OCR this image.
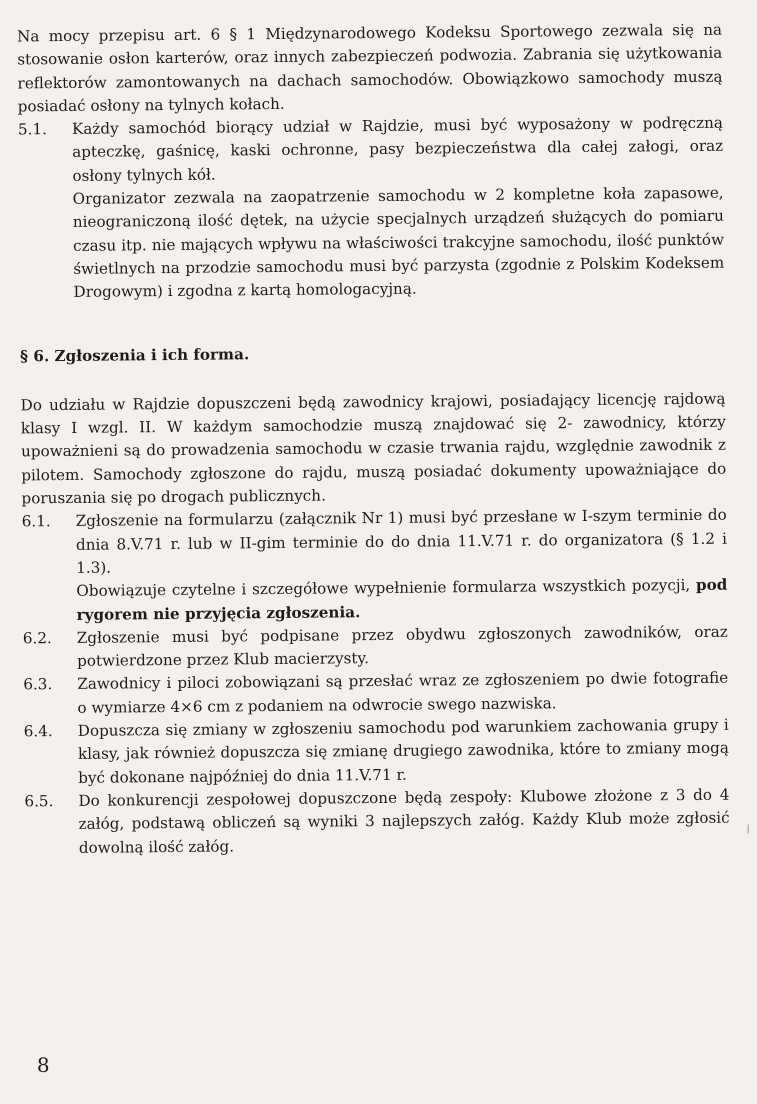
Na mocy przepisu art. 6 § 1 Międzynarodowego Kodeksu Sportowego zezwala się na stosowanie osłon karterów, oraz innych zabezpieczeń podwozia. Zabrania się użytkowania reflektorów zamontowanych na dachach samochodów. Obowiązkowo samochody muszą posiadać osłony na tylnych kołach.

5.1.	Każdy samochód biorący udział w Rajdzie, musi być wyposażony w podręczną apteczkę, gaśnicę, kaski ochronne, pasy bezpieczeństwa dla całej załogi, oraz osłony tylnych kół.

Organizator zezwala na zaopatrzenie samochodu w 2 kompletne koła zapasowe, nieograniczoną ilość dętek, na użycie specjalnych urządzeń służących do pomiaru czasu itp. nie mających wpływu na właściwości trakcyjne samochodu, ilość punktów świetlnych na przodzie samochodu musi być parzysta (zgodnie z Polskim Kodeksem Drogowym) i zgodna z kartą homologacyjną.

§ 6. Zgłoszenia i ich forma.

Do udziału w Rajdzie dopuszczeni będą zawodnicy krajowi, posiadający licencję rajdową klasy I wzgl. II. W każdym samochodzie muszą znajdować się 2- zawodnicy, którzy upoważnieni są do prowadzenia samochodu w czasie trwania rajdu, względnie zawodnik z pilotem. Samochody zgłoszone do rajdu, muszą posiadać dokumenty upoważniające do poruszania się po drogach publicznych.

6.1.	Zgłoszenie na formularzu (załącznik Nr 1) musi być przesłane w I-szym terminie do dnia 8.V.71 r. lub w II-gim terminie do do dnia 11.V.71 r. do organizatora (§ 1.2 i 1.3).

Obowiązuje czytelne i szczegółowe wypełnienie formularza wszystkich pozycji, pod rygorem nie przyjęcia zgłoszenia.

6.2.	Zgłoszenie musi być podpisane przez obydwu zgłoszonych zawodników, oraz potwierdzone przez Klub macierzysty.

6.3.	Zawodnicy i piloci zobowiązani są przesłać wraz ze zgłoszeniem po dwie fotografie o wymiarze 4×6 cm z podaniem na odwrocie swego nazwiska.

6.4.	Dopuszcza się zmiany w zgłoszeniu samochodu pod warunkiem zachowania grupy i klasy, jak również dopuszcza się zmianę drugiego zawodnika, które to zmiany mogą być dokonane najpóźniej do dnia 11.V.71 r.

6.5.	Do konkurencji zespołowej dopuszczone będą zespoły: Klubowe złożone z 3 do 4 załóg, podstawą obliczeń są wyniki 3 najlepszych załóg. Każdy Klub może zgłosić dowolną ilość załóg.

8
